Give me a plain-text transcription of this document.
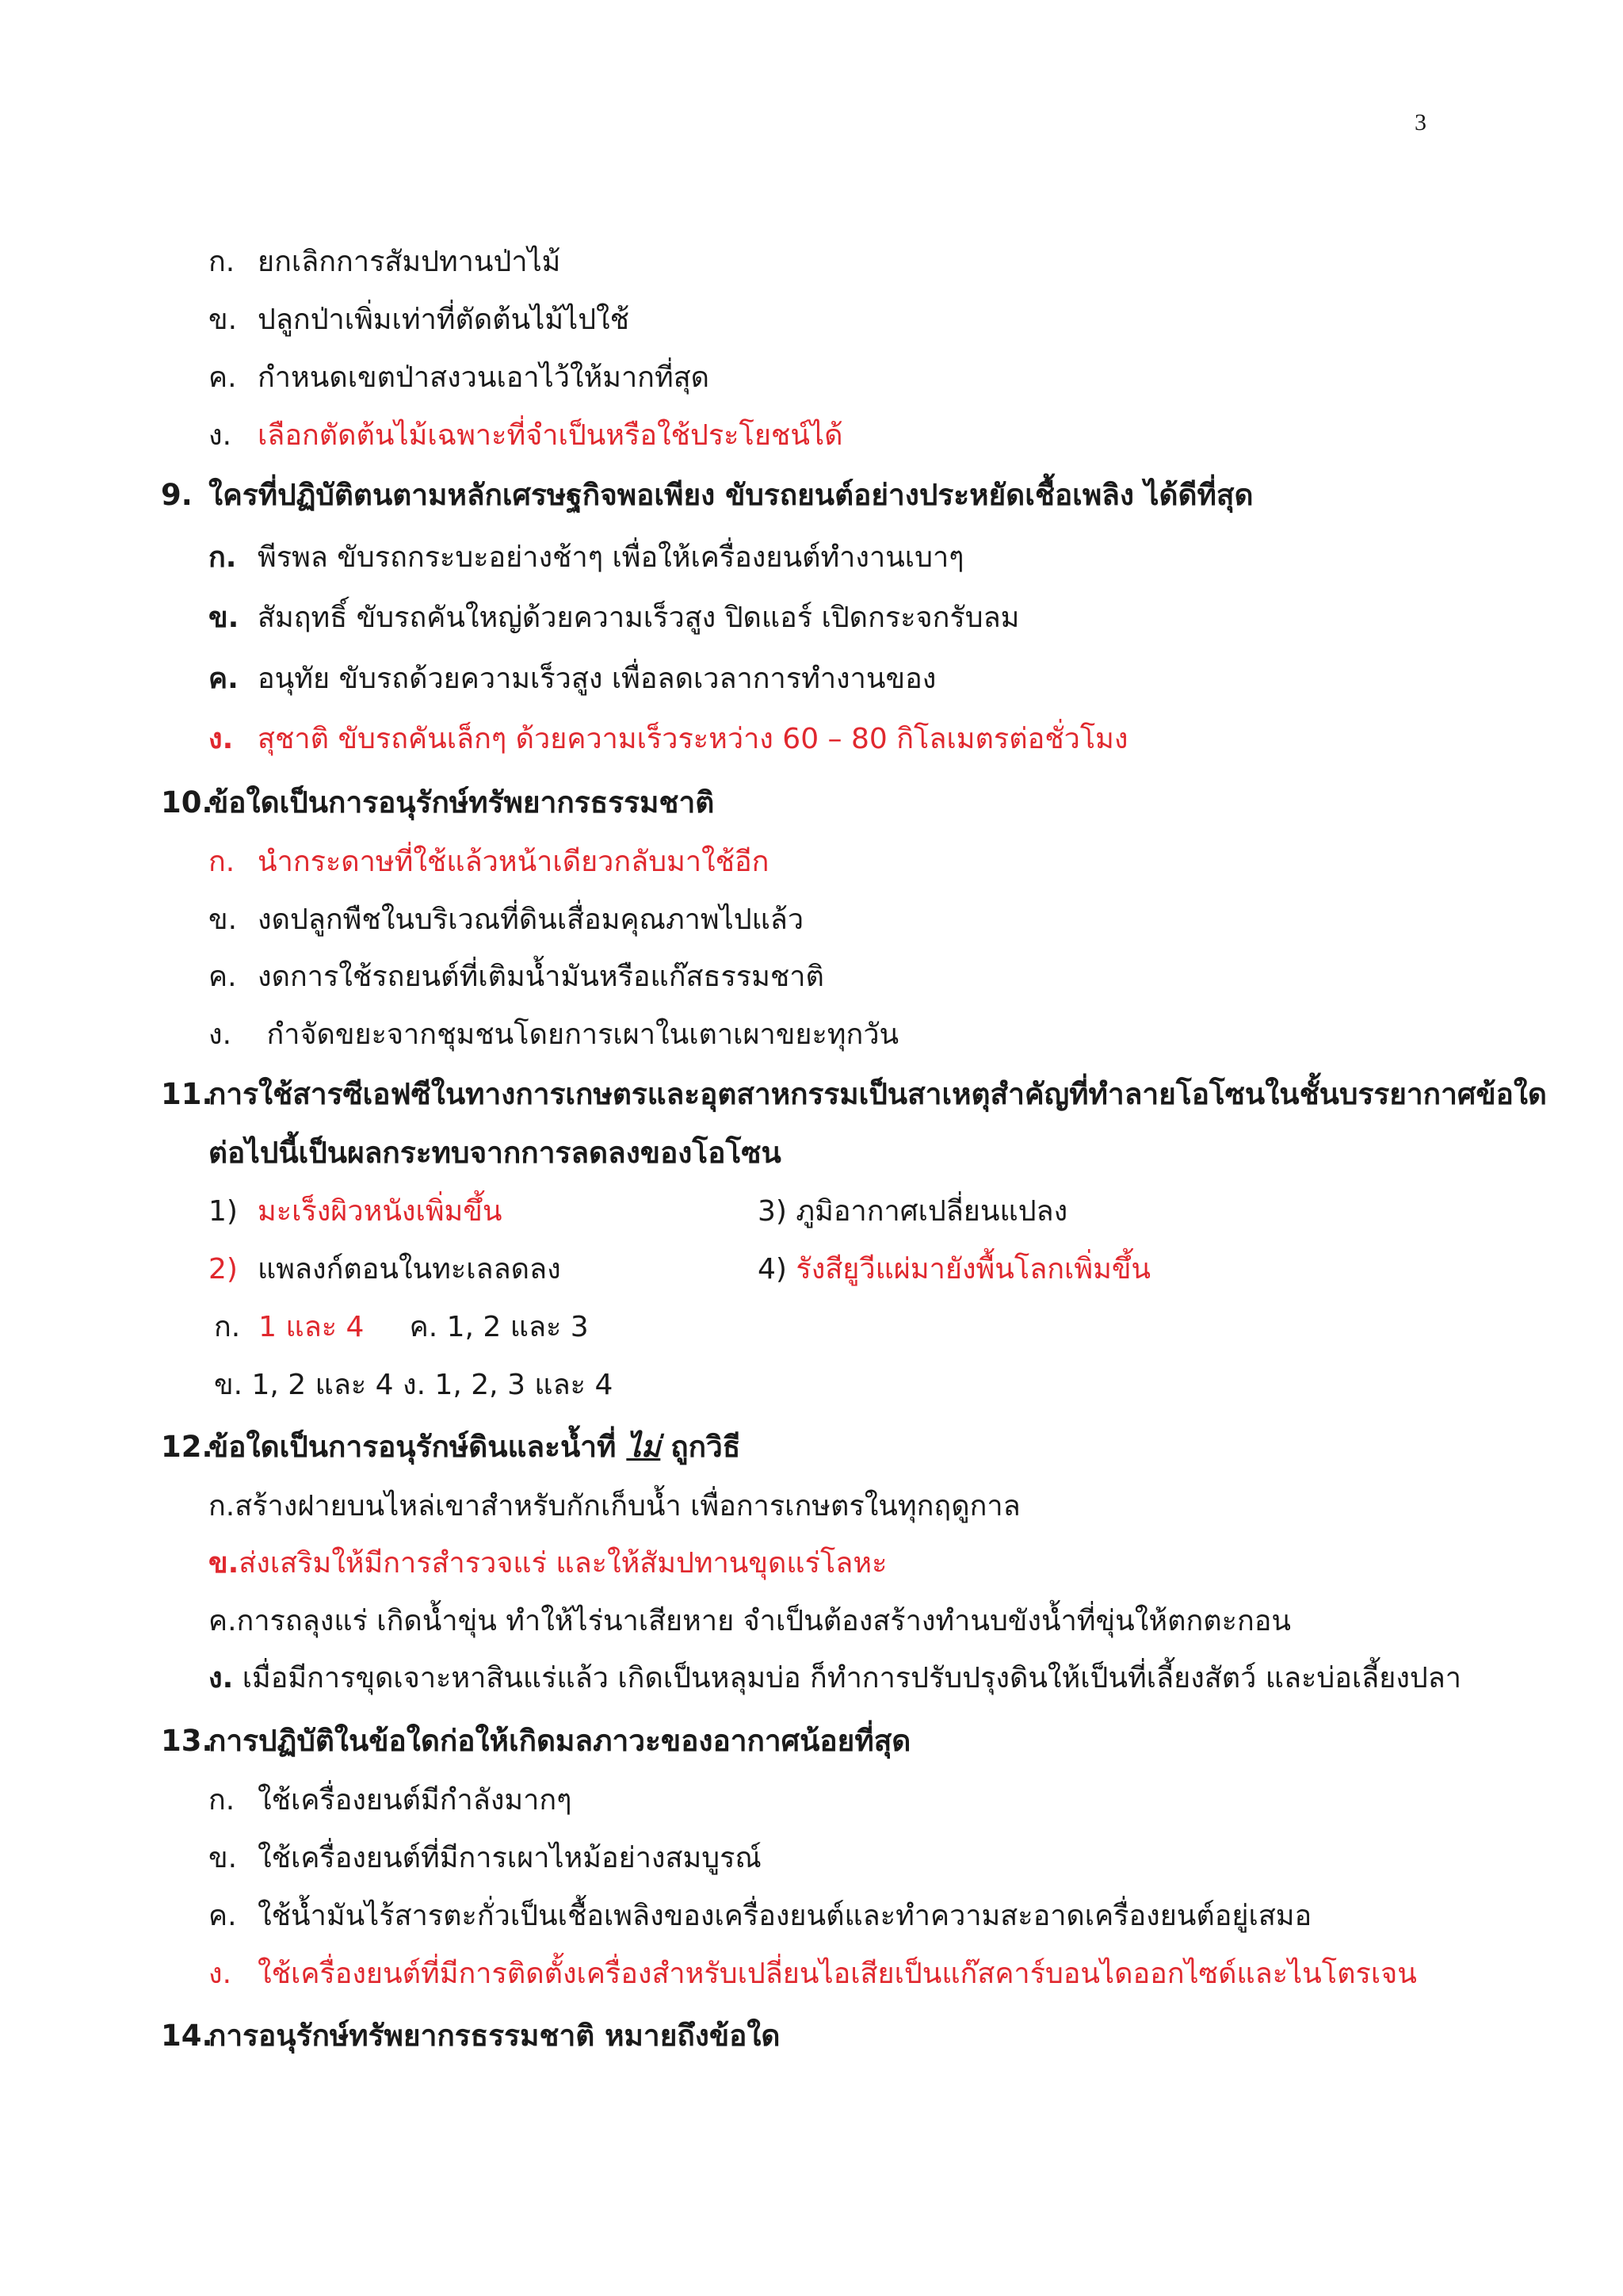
3
ก. ยกเลิกการสัมปทานป่าไม้
ข. ปลูกป่าเพิ่มเท่าที่ตัดต้นไม้ไปใช้
ค. กำหนดเขตป่าสงวนเอาไว้ให้มากที่สุด
ง. เลือกตัดต้นไม้เฉพาะที่จำเป็นหรือใช้ประโยชน์ได้
9. ใครที่ปฏิบัติตนตามหลักเศรษฐกิจพอเพียง ขับรถยนต์อย่างประหยัดเชื้อเพลิง ได้ดีที่สุด
ก. พีรพล ขับรถกระบะอย่างช้าๆ เพื่อให้เครื่องยนต์ทำงานเบาๆ
ข. สัมฤทธิ์ ขับรถคันใหญ่ด้วยความเร็วสูง ปิดแอร์ เปิดกระจกรับลม
ค. อนุทัย ขับรถด้วยความเร็วสูง เพื่อลดเวลาการทำงานของ
ง. สุชาติ ขับรถคันเล็กๆ ด้วยความเร็วระหว่าง 60 – 80 กิโลเมตรต่อชั่วโมง
10.ข้อใดเป็นการอนุรักษ์ทรัพยากรธรรมชาติ
ก. นำกระดาษที่ใช้แล้วหน้าเดียวกลับมาใช้อีก
ข. งดปลูกพืชในบริเวณที่ดินเสื่อมคุณภาพไปแล้ว
ค. งดการใช้รถยนต์ที่เติมน้ำมันหรือแก๊สธรรมชาติ
ง. กำจัดขยะจากชุมชนโดยการเผาในเตาเผาขยะทุกวัน
11.การใช้สารซีเอฟซีในทางการเกษตรและอุตสาหกรรมเป็นสาเหตุสำคัญที่ทำลายโอโซนในชั้นบรรยากาศข้อใด
ต่อไปนี้เป็นผลกระทบจากการลดลงของโอโซน
1) มะเร็งผิวหนังเพิ่มขึ้น	3) ภูมิอากาศเปลี่ยนแปลง
2) แพลงก์ตอนในทะเลลดลง	4) รังสียูวีแผ่มายังพื้นโลกเพิ่มขึ้น
ก. 1 และ 4 ค. 1, 2 และ 3
ข. 1, 2 และ 4 ง. 1, 2, 3 และ 4
12.ข้อใดเป็นการอนุรักษ์ดินและน้ำที่ ไม่ ถูกวิธี
ก.สร้างฝายบนไหล่เขาสำหรับกักเก็บน้ำ เพื่อการเกษตรในทุกฤดูกาล
ข.ส่งเสริมให้มีการสำรวจแร่ และให้สัมปทานขุดแร่โลหะ
ค.การถลุงแร่ เกิดน้ำขุ่น ทำให้ไร่นาเสียหาย จำเป็นต้องสร้างทำนบขังน้ำที่ขุ่นให้ตกตะกอน
ง. เมื่อมีการขุดเจาะหาสินแร่แล้ว เกิดเป็นหลุมบ่อ ก็ทำการปรับปรุงดินให้เป็นที่เลี้ยงสัตว์ และบ่อเลี้ยงปลา
13.การปฏิบัติในข้อใดก่อให้เกิดมลภาวะของอากาศน้อยที่สุด
ก. ใช้เครื่องยนต์มีกำลังมากๆ
ข. ใช้เครื่องยนต์ที่มีการเผาไหม้อย่างสมบูรณ์
ค. ใช้น้ำมันไร้สารตะกั่วเป็นเชื้อเพลิงของเครื่องยนต์และทำความสะอาดเครื่องยนต์อยู่เสมอ
ง. ใช้เครื่องยนต์ที่มีการติดตั้งเครื่องสำหรับเปลี่ยนไอเสียเป็นแก๊สคาร์บอนไดออกไซด์และไนโตรเจน
14.การอนุรักษ์ทรัพยากรธรรมชาติ หมายถึงข้อใด
